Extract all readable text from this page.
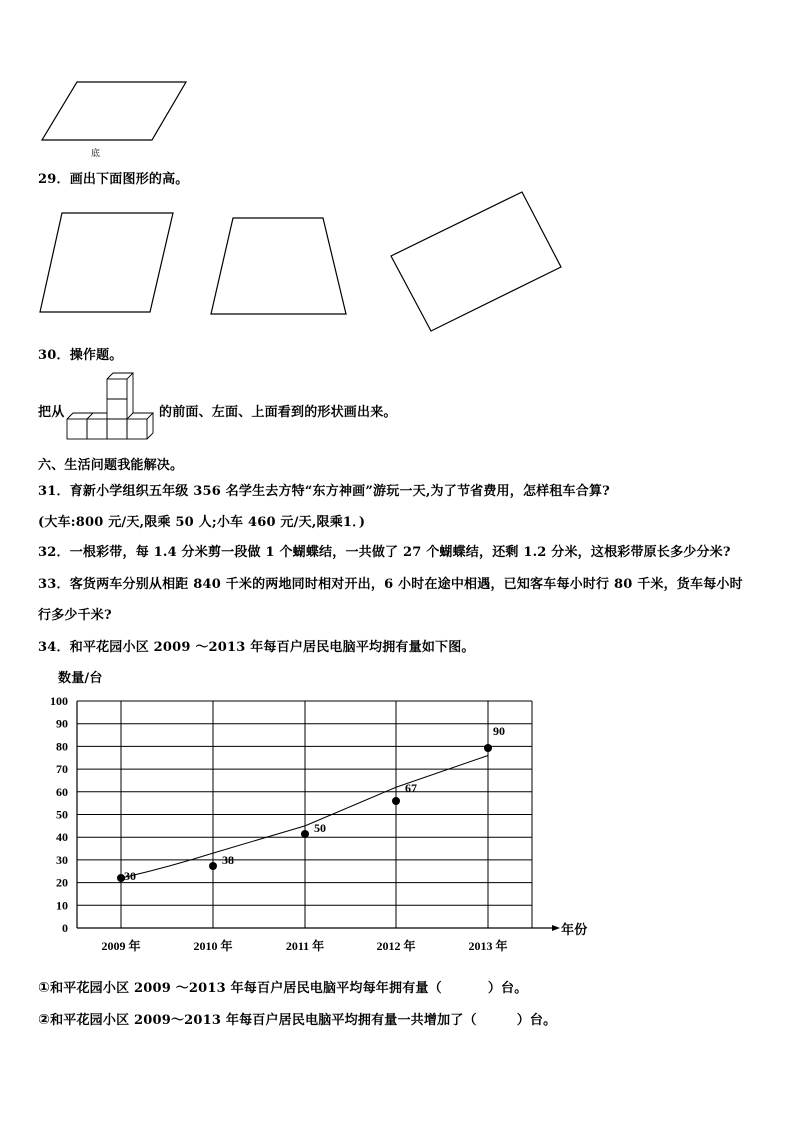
底
29．画出下面图形的高。
30．操作题。
把从	的前面、左面、上面看到的形状画出来。
六、生活问题我能解决。
31．育新小学组织五年级 356 名学生去方特“东方神画”游玩一天,为了节省费用，怎样租车合算?
(大车:800 元/天,限乘 50 人;小车 460 元/天,限乘1．)
32．一根彩带，每 1.4 分米剪一段做 1 个蝴蝶结，一共做了 27 个蝴蝶结，还剩 1.2 分米，这根彩带原长多少分米?
33．客货两车分别从相距 840 千米的两地同时相对开出，6 小时在途中相遇，已知客车每小时行 80 千米，货车每小时
行多少千米?
34．和平花园小区 2009 ～2013 年每百户居民电脑平均拥有量如下图。
0
10
20
30
40
50
60
70
80
90
100
2009 年	2010 年	2011 年	2012 年	2013 年
30
38
50
67
90
数量/台
年份
①和平花园小区 2009 ～2013 年每百户居民电脑平均每年拥有量（	）台。
②和平花园小区 2009～2013 年每百户居民电脑平均拥有量一共增加了（	）台。
